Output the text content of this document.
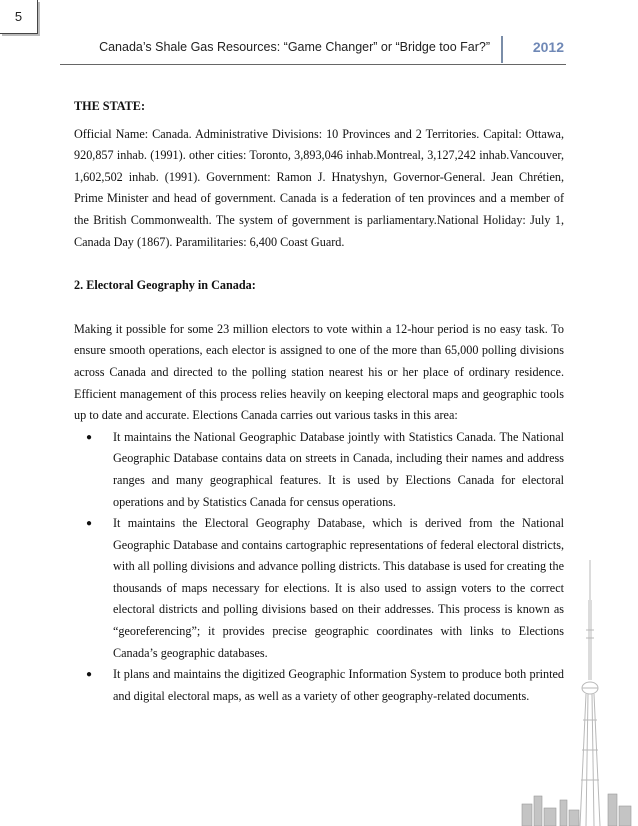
5
Canada’s Shale Gas Resources: “Game Changer” or “Bridge too Far?”	2012

THE STATE:

Official Name: Canada. Administrative Divisions: 10 Provinces and 2 Territories. Capital: Ottawa, 920,857 inhab. (1991). other cities: Toronto, 3,893,046 inhab.Montreal, 3,127,242 inhab.Vancouver, 1,602,502 inhab. (1991). Government: Ramon J. Hnatyshyn, Governor-General. Jean Chrétien, Prime Minister and head of government. Canada is a federation of ten provinces and a member of the British Commonwealth. The system of government is parliamentary.National Holiday: July 1, Canada Day (1867). Paramilitaries: 6,400 Coast Guard.

2. Electoral Geography in Canada:

Making it possible for some 23 million electors to vote within a 12-hour period is no easy task. To ensure smooth operations, each elector is assigned to one of the more than 65,000 polling divisions across Canada and directed to the polling station nearest his or her place of ordinary residence. Efficient management of this process relies heavily on keeping electoral maps and geographic tools up to date and accurate. Elections Canada carries out various tasks in this area:

● It maintains the National Geographic Database jointly with Statistics Canada. The National Geographic Database contains data on streets in Canada, including their names and address ranges and many geographical features. It is used by Elections Canada for electoral operations and by Statistics Canada for census operations.
● It maintains the Electoral Geography Database, which is derived from the National Geographic Database and contains cartographic representations of federal electoral districts, with all polling divisions and advance polling districts. This database is used for creating the thousands of maps necessary for elections. It is also used to assign voters to the correct electoral districts and polling divisions based on their addresses. This process is known as “georeferencing”; it provides precise geographic coordinates with links to Elections Canada’s geographic databases.
● It plans and maintains the digitized Geographic Information System to produce both printed and digital electoral maps, as well as a variety of other geography-related documents.
